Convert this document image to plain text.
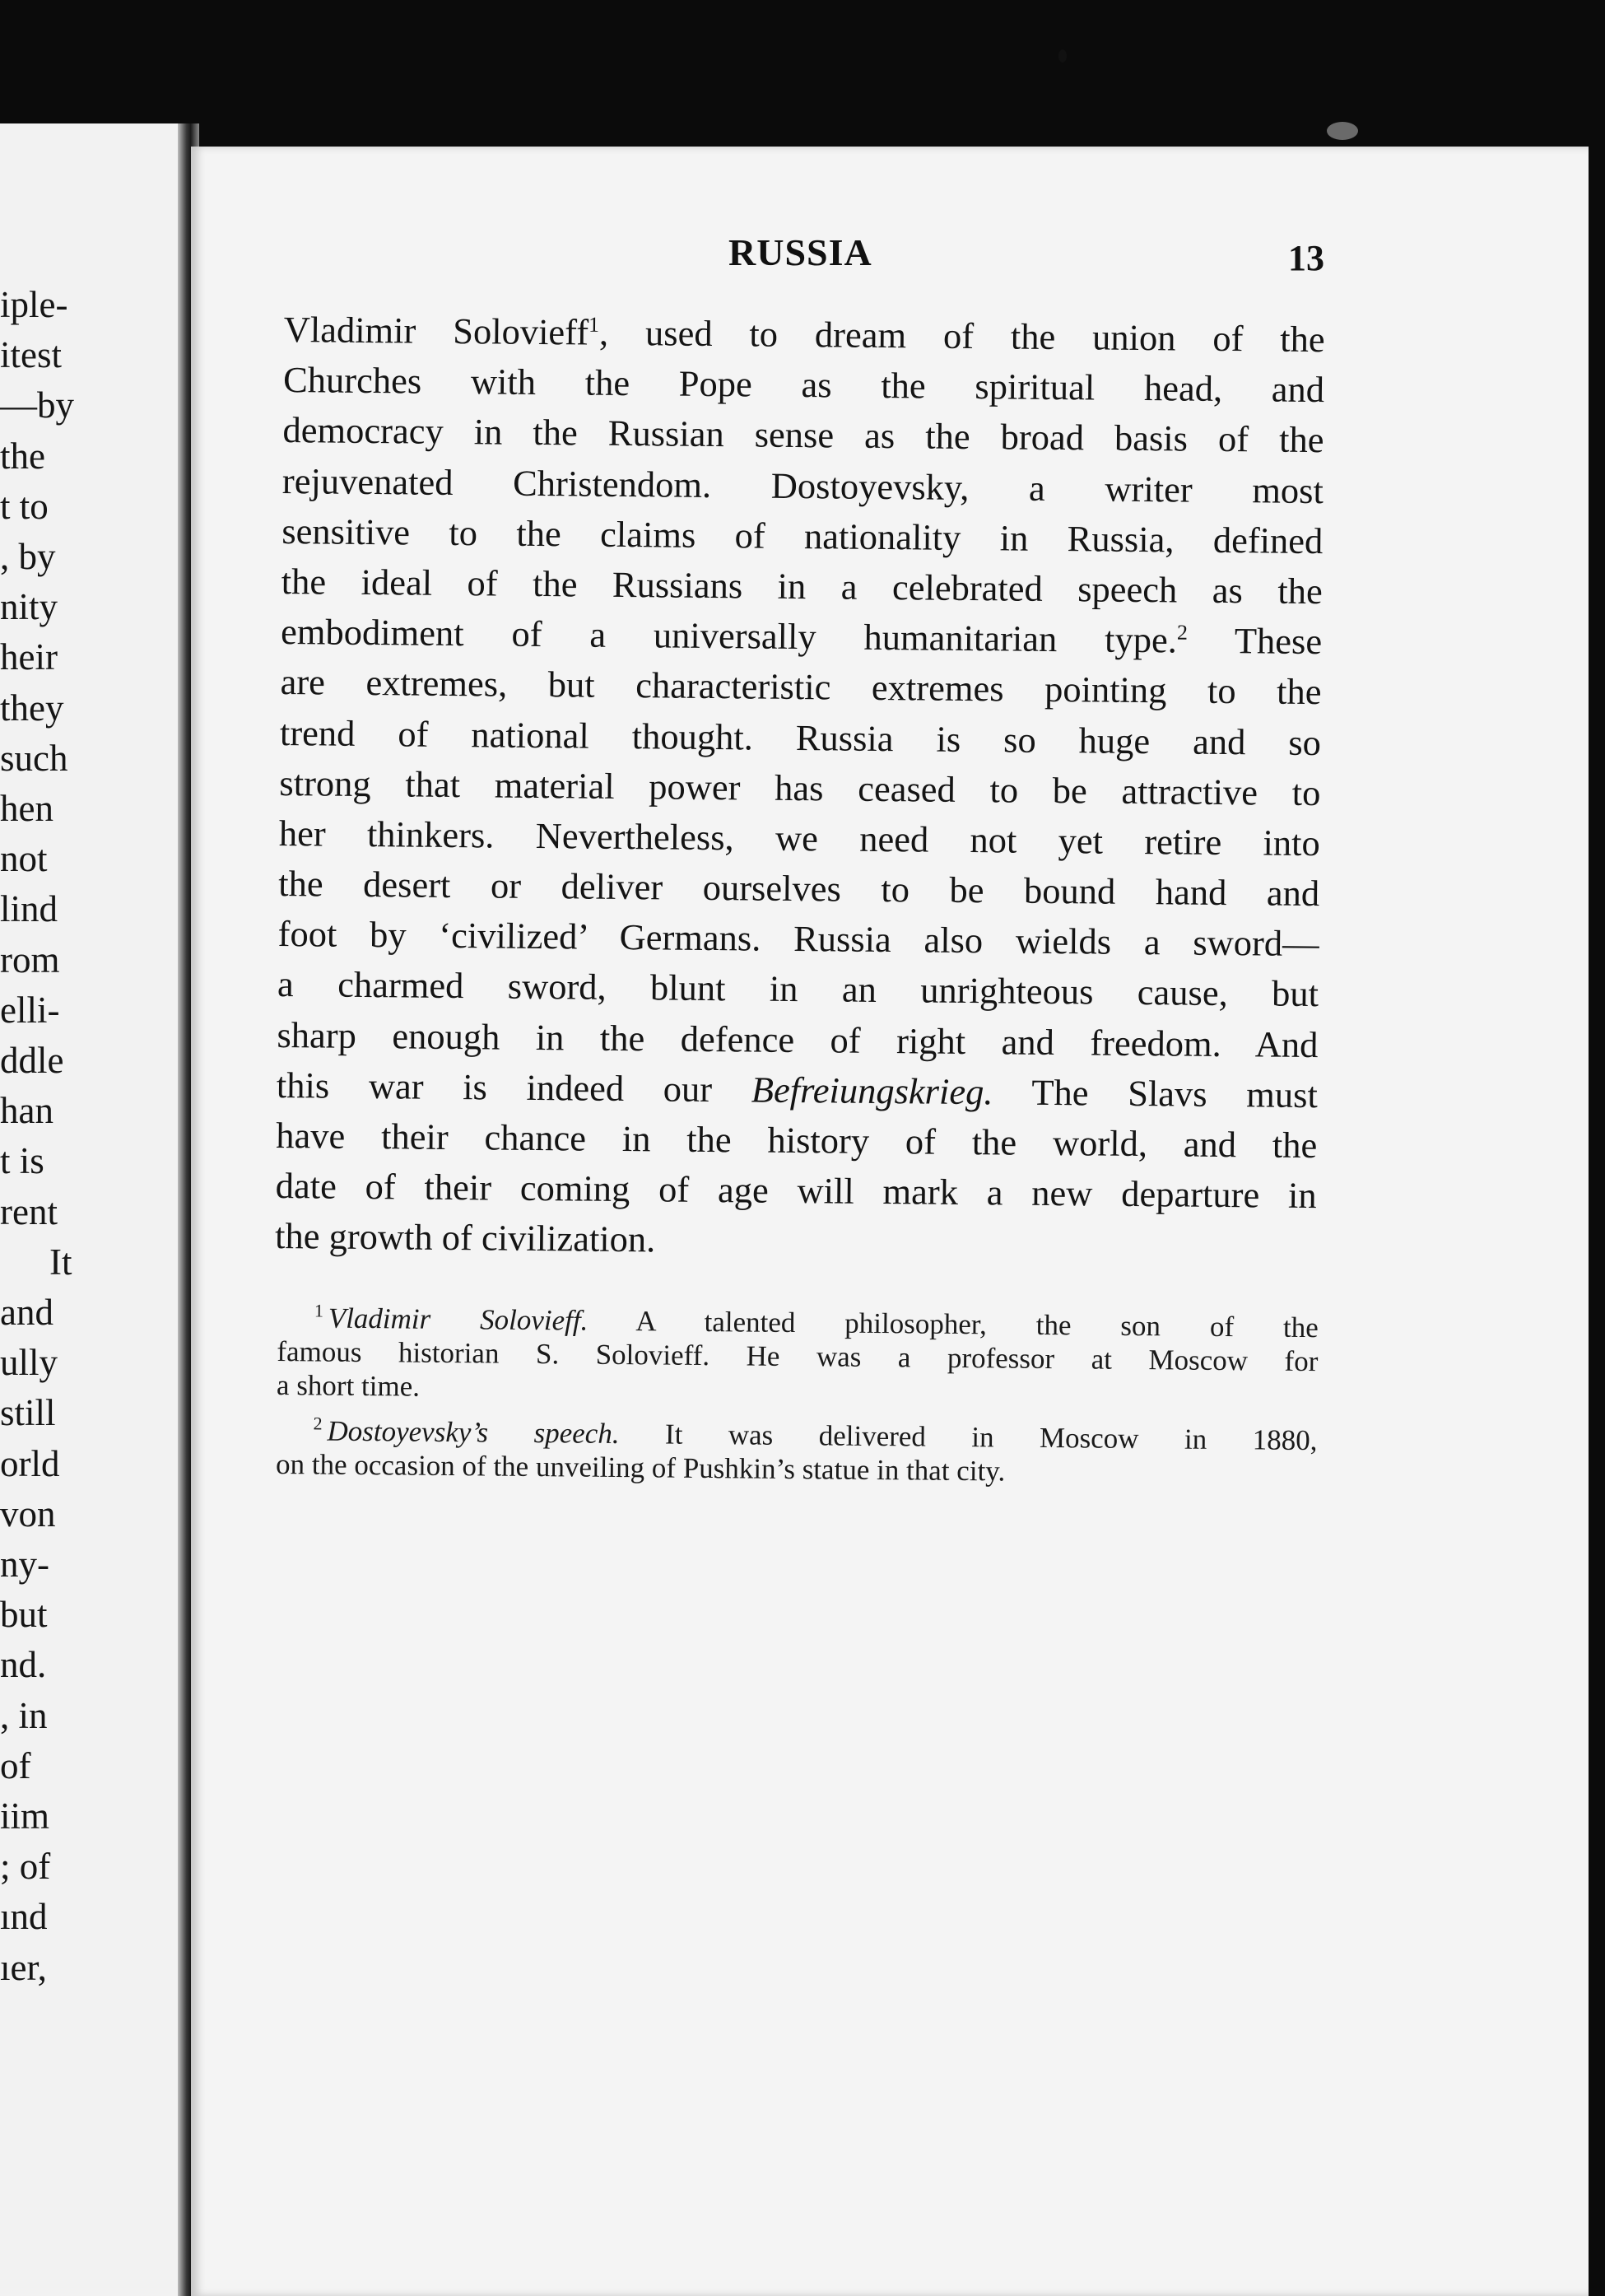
iple-
itest
—by
the
t to
, by
nity
heir
they
such
hen
not
lind
rom
elli-
ddle
han
t is
rent
It
and
ully
still
orld
von
ny-
but
nd.
, in
of
iim
; of
ınd
ıer,
RUSSIA	13
Vladimir Solovieff$^1$, used to dream of the union of the
Churches with the Pope as the spiritual head, and
democracy in the Russian sense as the broad basis of the
rejuvenated Christendom. Dostoyevsky, a writer most
sensitive to the claims of nationality in Russia, defined
the ideal of the Russians in a celebrated speech as the
embodiment of a universally humanitarian type.$^2$ These
are extremes, but characteristic extremes pointing to the
trend of national thought. Russia is so huge and so
strong that material power has ceased to be attractive to
her thinkers. Nevertheless, we need not yet retire into
the desert or deliver ourselves to be bound hand and
foot by ‘civilized’ Germans. Russia also wields a sword—
a charmed sword, blunt in an unrighteous cause, but
sharp enough in the defence of right and freedom. And
this war is indeed our Befreiungskrieg. The Slavs must
have their chance in the history of the world, and the
date of their coming of age will mark a new departure in
the growth of civilization.
$^1$ Vladimir Solovieff. A talented philosopher, the son of the
famous historian S. Solovieff. He was a professor at Moscow for
a short time.
$^2$ Dostoyevsky’s speech. It was delivered in Moscow in 1880,
on the occasion of the unveiling of Pushkin’s statue in that city.
